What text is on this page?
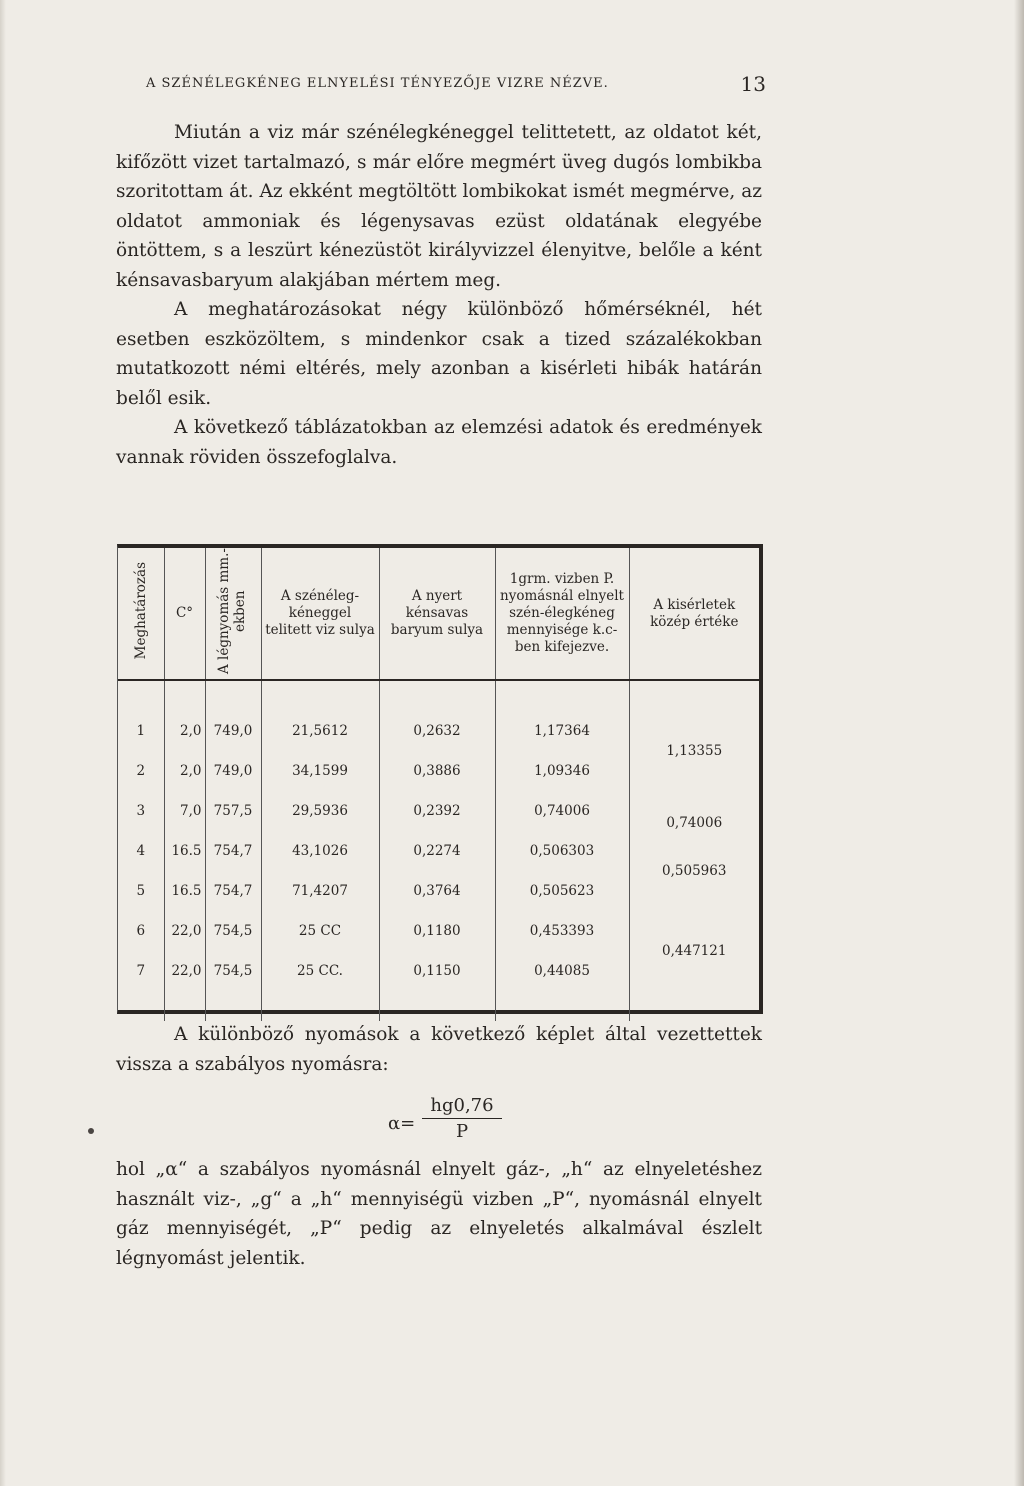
A SZÉNÉLEGKÉNEG ELNYELÉSI TÉNYEZŐJE VIZRE NÉZVE.	13

Miután a viz már szénélegkéneggel telittetett, az oldatot két, kifőzött vizet tartalmazó, s már előre megmért üveg dugós lombikba szoritottam át. Az ekként megtöltött lombikokat ismét megmérve, az oldatot ammoniak és légenysavas ezüst oldatának elegyébe öntöttem, s a leszürt kénezüstöt királyvizzel élenyitve, belőle a ként kénsavasbaryum alakjában mértem meg.

A meghatározásokat négy különböző hőmérséknél, hét esetben eszközöltem, s mindenkor csak a tized százalékokban mutatkozott némi eltérés, mely azonban a kisérleti hibák határán belől esik.

A következő táblázatokban az elemzési adatok és eredmények vannak röviden összefoglalva.

Meghatározás	C°	A légnyomás mm.-ekben	A szénéleg-kéneggel telitett viz sulya	A nyert kénsavas baryum sulya	1grm. vizben P. nyomásnál elnyelt szén-élegkéneg mennyisége k.c-ben kifejezve.	A kisérletek közép értéke

1	2,0	749,0	21,5612	0,2632	1,17364	1,13355
2	2,0	749,0	34,1599	0,3886	1,09346	
3	7,0	757,5	29,5936	0,2392	0,74006	0,74006
4	16.5	754,7	43,1026	0,2274	0,506303	0,505963
5	16.5	754,7	71,4207	0,3764	0,505623	
6	22,0	754,5	25 CC	0,1180	0,453393	0,447121
7	22,0	754,5	25 CC.	0,1150	0,44085	

A különböző nyomások a következő képlet által vezettettek vissza a szabályos nyomásra:

$\alpha= \frac{hg0,76}{P}$

hol „α“ a szabályos nyomásnál elnyelt gáz-, „h“ az elnyeletéshez használt viz-, „g“ a „h“ mennyiségü vizben „P“, nyomásnál elnyelt gáz mennyiségét, „P“ pedig az elnyeletés alkalmával észlelt légnyomást jelentik.
